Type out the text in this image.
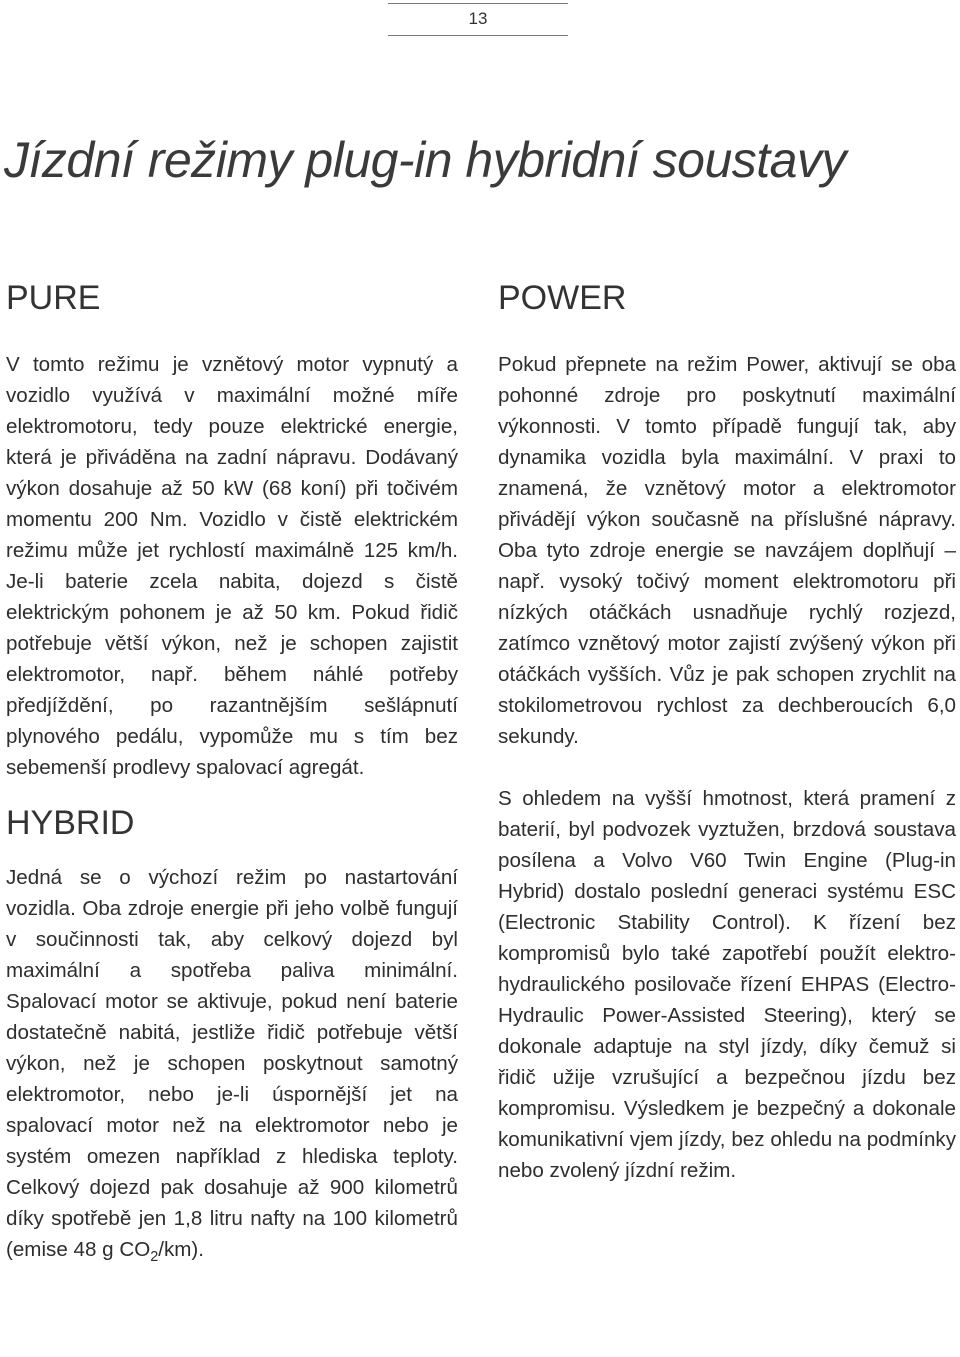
13
Jízdní režimy plug-in hybridní soustavy
PURE

V tomto režimu je vznětový motor vypnutý a vozidlo využívá v maximální možné míře elektromotoru, tedy pouze elektrické energie, která je přiváděna na zadní nápravu. Dodávaný výkon dosahuje až 50 kW (68 koní) při točivém momentu 200 Nm. Vozidlo v čistě elektrickém režimu může jet rychlostí maximálně 125 km/h. Je-li baterie zcela nabita, dojezd s čistě elektrickým pohonem je až 50 km. Pokud řidič potřebuje větší výkon, než je schopen zajistit elektromotor, např. během náhlé potřeby předjíždění, po razantnějším sešlápnutí plynového pedálu, vypomůže mu s tím bez sebemenší prodlevy spalovací agregát.

HYBRID

Jedná se o výchozí režim po nastartování vozidla. Oba zdroje energie při jeho volbě fungují v součinnosti tak, aby celkový dojezd byl maximální a spotřeba paliva minimální. Spalovací motor se aktivuje, pokud není baterie dostatečně nabitá, jestliže řidič potřebuje větší výkon, než je schopen poskytnout samotný elektromotor, nebo je-li úspornější jet na spalovací motor než na elektromotor nebo je systém omezen například z hlediska teploty. Celkový dojezd pak dosahuje až 900 kilometrů díky spotřebě jen 1,8 litru nafty na 100 kilometrů (emise 48 g $CO_2/km$).

POWER

Pokud přepnete na režim Power, aktivují se oba pohonné zdroje pro poskytnutí maximální výkonnosti. V tomto případě fungují tak, aby dynamika vozidla byla maximální. V praxi to znamená, že vznětový motor a elektromotor přivádějí výkon současně na příslušné nápravy. Oba tyto zdroje energie se navzájem doplňují – např. vysoký točivý moment elektromotoru při nízkých otáčkách usnadňuje rychlý rozjezd, zatímco vznětový motor zajistí zvýšený výkon při otáčkách vyšších. Vůz je pak schopen zrychlit na stokilometrovou rychlost za dechberoucích 6,0 sekundy.

S ohledem na vyšší hmotnost, která pramení z baterií, byl podvozek vyztužen, brzdová soustava posílena a Volvo V60 Twin Engine (Plug-in Hybrid) dostalo poslední generaci systému ESC (Electronic Stability Control). K řízení bez kompromisů bylo také zapotřebí použít elektro-hydraulického posilovače řízení EHPAS (Electro-Hydraulic Power-Assisted Steering), který se dokonale adaptuje na styl jízdy, díky čemuž si řidič užije vzrušující a bezpečnou jízdu bez kompromisu. Výsledkem je bezpečný a dokonale komunikativní vjem jízdy, bez ohledu na podmínky nebo zvolený jízdní režim.
